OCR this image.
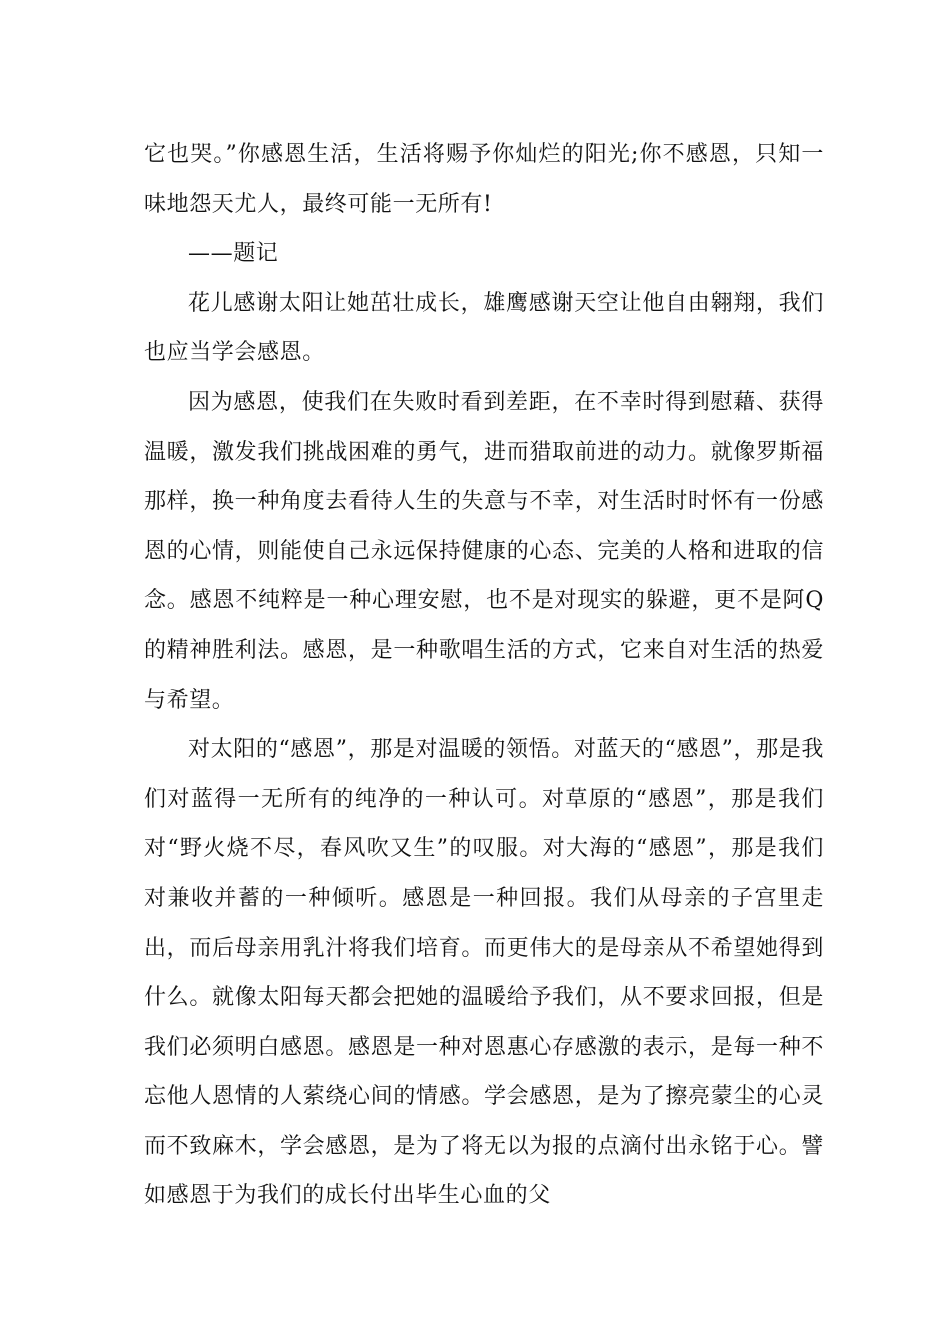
它也哭。”你感恩生活，生活将赐予你灿烂的阳光;你不感恩，只知一味地怨天尤人，最终可能一无所有!

——题记

花儿感谢太阳让她茁壮成长，雄鹰感谢天空让他自由翱翔，我们也应当学会感恩。

因为感恩，使我们在失败时看到差距，在不幸时得到慰藉、获得温暖，激发我们挑战困难的勇气，进而猎取前进的动力。就像罗斯福那样，换一种角度去看待人生的失意与不幸，对生活时时怀有一份感恩的心情，则能使自己永远保持健康的心态、完美的人格和进取的信念。感恩不纯粹是一种心理安慰，也不是对现实的躲避，更不是阿Q的精神胜利法。感恩，是一种歌唱生活的方式，它来自对生活的热爱与希望。

对太阳的“感恩”，那是对温暖的领悟。对蓝天的“感恩”，那是我们对蓝得一无所有的纯净的一种认可。对草原的“感恩”，那是我们对“野火烧不尽，春风吹又生”的叹服。对大海的“感恩”，那是我们对兼收并蓄的一种倾听。感恩是一种回报。我们从母亲的子宫里走出，而后母亲用乳汁将我们培育。而更伟大的是母亲从不希望她得到什么。就像太阳每天都会把她的温暖给予我们，从不要求回报，但是我们必须明白感恩。感恩是一种对恩惠心存感激的表示，是每一种不忘他人恩情的人萦绕心间的情感。学会感恩，是为了擦亮蒙尘的心灵而不致麻木，学会感恩，是为了将无以为报的点滴付出永铭于心。譬如感恩于为我们的成长付出毕生心血的父
